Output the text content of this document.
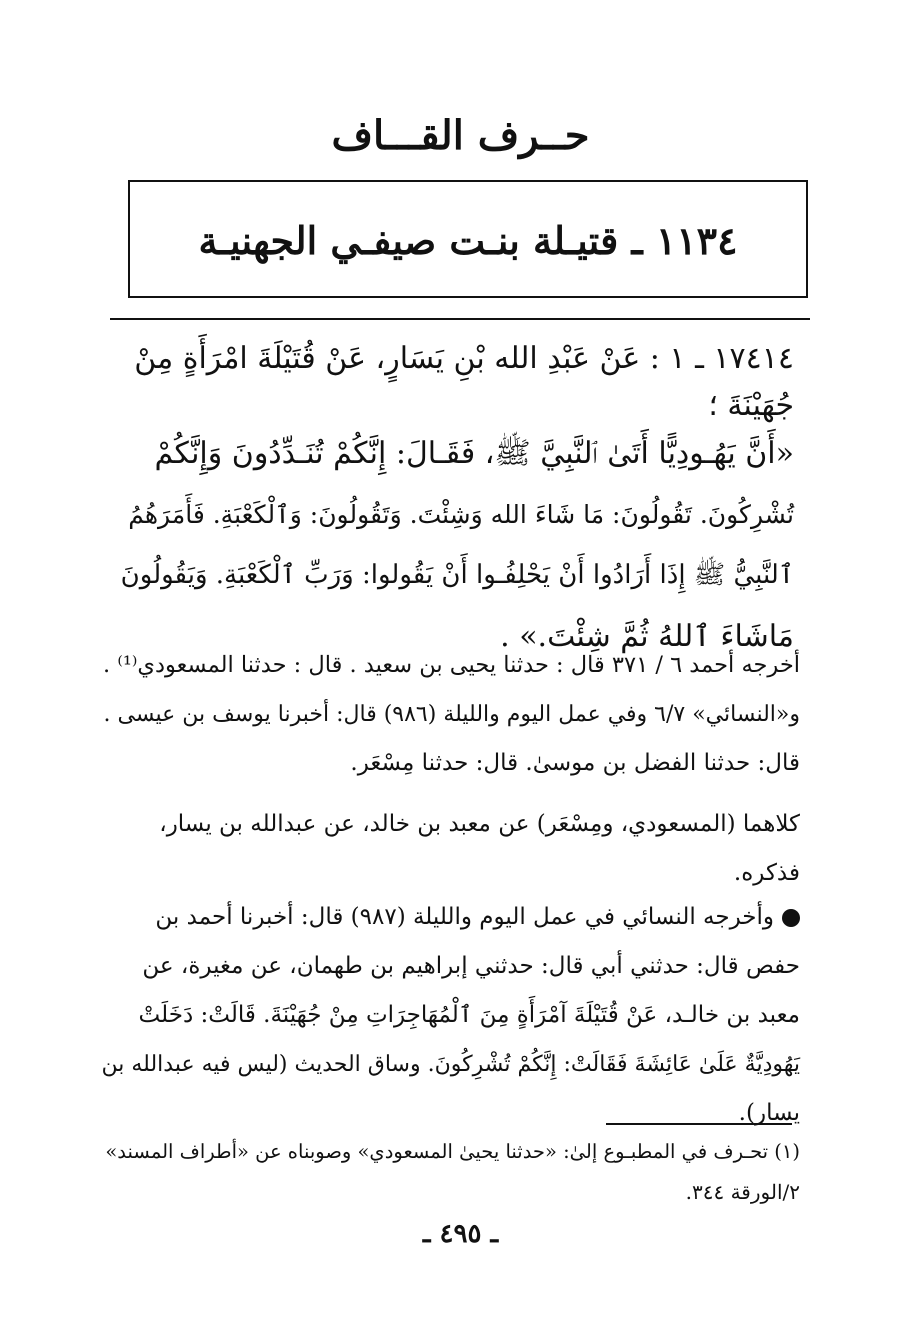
حــرف القـــاف
١١٣٤ ـ قتيـلة بنـت صيفـي الجهنيـة
١٧٤١٤ ـ ١ : عَنْ عَبْدِ الله بْنِ يَسَارٍ، عَنْ قُتَيْلَةَ امْرَأَةٍ مِنْ
جُهَيْنَةَ ؛
«أَنَّ يَهُـودِيًّا أَتَىٰ ٱلنَّبِيَّ ﷺ، فَقَـالَ: إِنَّكُمْ تُنَـدِّدُونَ وَإِنَّكُمْ
تُشْرِكُونَ. تَقُولُونَ: مَا شَاءَ الله وَشِئْتَ. وَتَقُولُونَ: وَٱلْكَعْبَةِ. فَأَمَرَهُمُ
ٱلنَّبِيُّ ﷺ إِذَا أَرَادُوا أَنْ يَحْلِفُـوا أَنْ يَقُولوا: وَرَبِّ ٱلْكَعْبَةِ. وَيَقُولُونَ
مَاشَاءَ ٱللهُ ثُمَّ شِئْتَ.» .
أخرجه أحمد ٦ / ٣٧١ قال : حدثنا يحيى بن سعيد . قال : حدثنا المسعودي⁽¹⁾ .
و«النسائي» ٦/٧ وفي عمل اليوم والليلة (٩٨٦) قال: أخبرنا يوسف بن عيسى .
قال: حدثنا الفضل بن موسىٰ. قال: حدثنا مِسْعَر.
كلاهما (المسعودي، ومِسْعَر) عن معبد بن خالد، عن عبدالله بن يسار،
فذكره.
وأخرجه النسائي في عمل اليوم والليلة (٩٨٧) قال: أخبرنا أحمد بن
حفص قال: حدثني أبي قال: حدثني إبراهيم بن طهمان، عن مغيرة، عن
معبد بن خالـد، عَنْ قُتَيْلَةَ آمْرَأَةٍ مِنَ ٱلْمُهَاجِرَاتِ مِنْ جُهَيْنَةَ. قَالَتْ: دَخَلَتْ
يَهُودِيَّةٌ عَلَىٰ عَائِشَةَ فَقَالَتْ: إِنَّكُمْ تُشْرِكُونَ. وساق الحديث (ليس فيه عبدالله بن
يسار).
(١) تحـرف في المطبـوع إلىٰ: «حدثنا يحيىٰ المسعودي» وصوبناه عن «أطراف المسند»
٢/الورقة ٣٤٤.
ـ ٤٩٥ ـ
